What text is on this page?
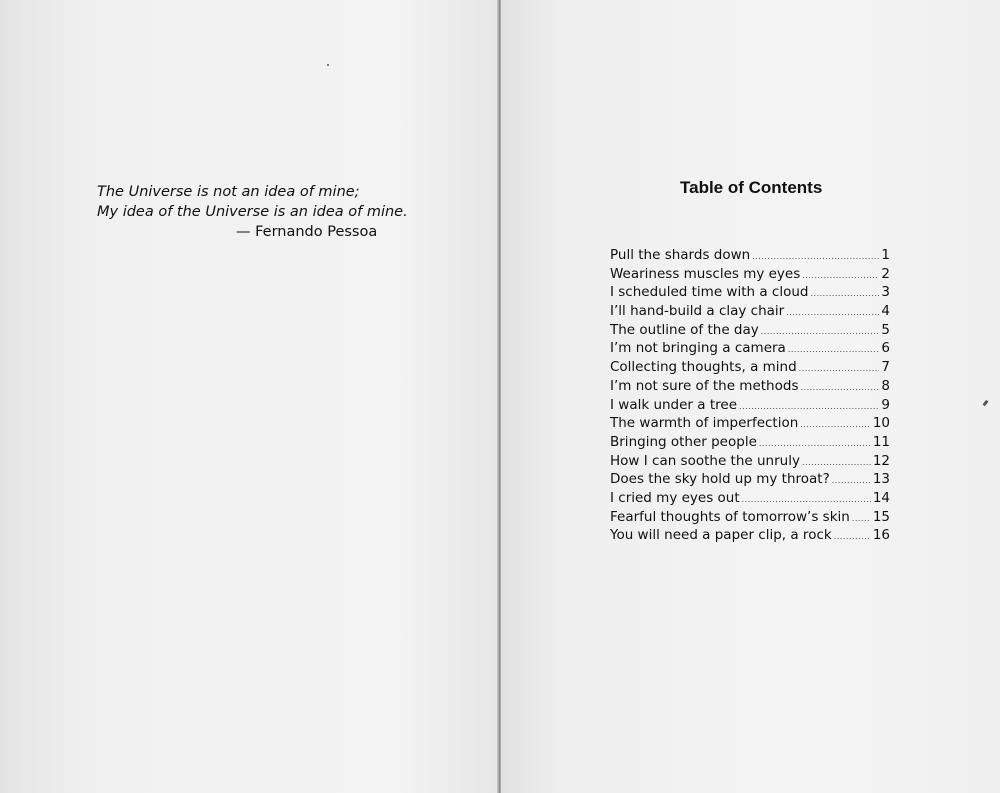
The Universe is not an idea of mine;
My idea of the Universe is an idea of mine.
— Fernando Pessoa
Table of Contents
Pull the shards down .....	1
Weariness muscles my eyes .....	2
I scheduled time with a cloud .....	3
I’ll hand-build a clay chair .....	4
The outline of the day .....	5
I’m not bringing a camera .....	6
Collecting thoughts, a mind .....	7
I’m not sure of the methods .....	8
I walk under a tree .....	9
The warmth of imperfection .....	10
Bringing other people .....	11
How I can soothe the unruly .....	12
Does the sky hold up my throat? .....	13
I cried my eyes out .....	14
Fearful thoughts of tomorrow’s skin ..... 15
You will need a paper clip, a rock .....	16
